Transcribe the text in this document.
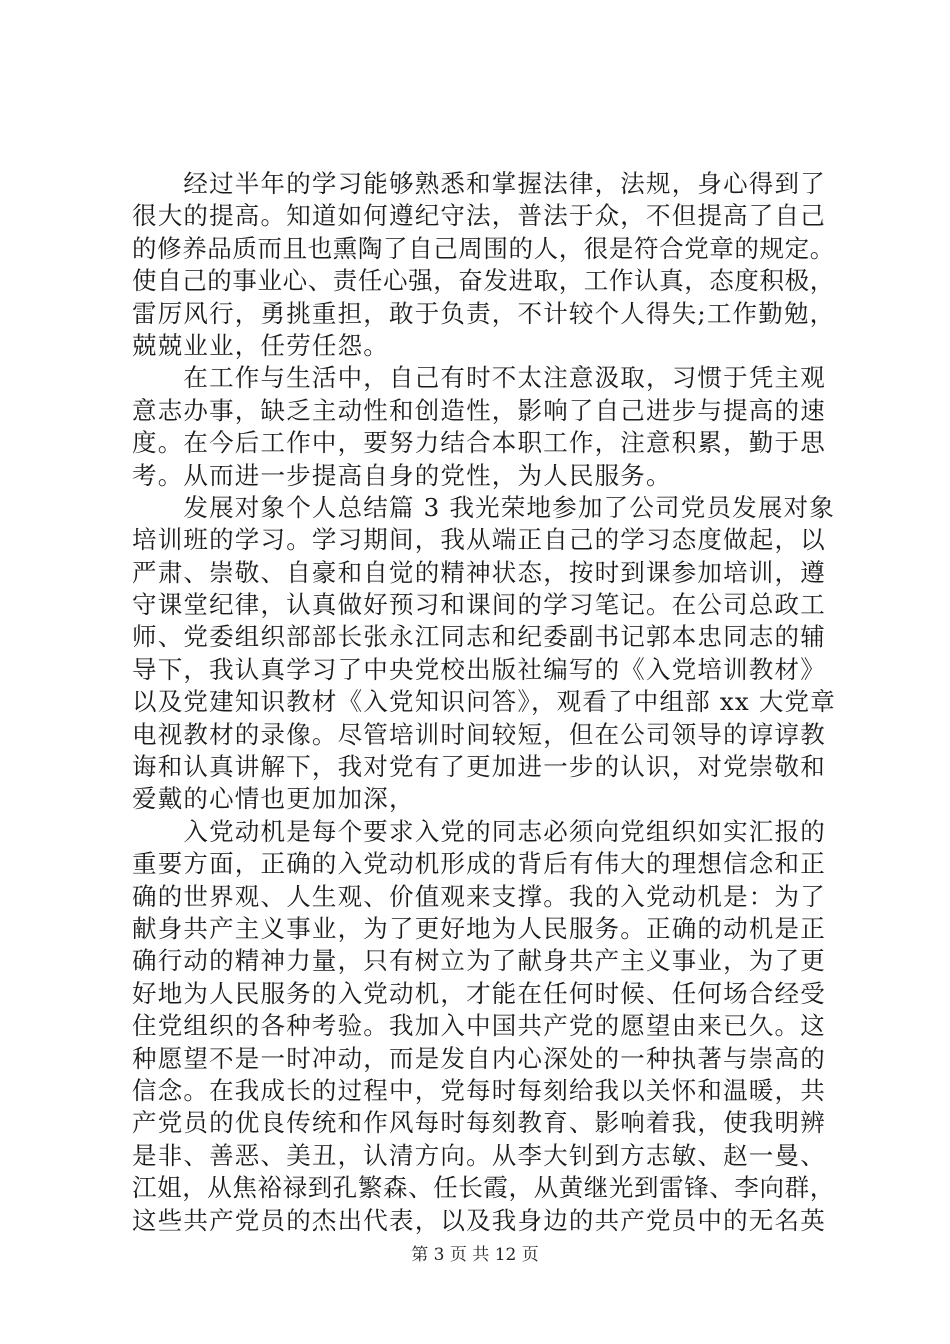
　　经过半年的学习能够熟悉和掌握法律，法规，身心得到了
很大的提高。知道如何遵纪守法，普法于众，不但提高了自己
的修养品质而且也熏陶了自己周围的人，很是符合党章的规定。
使自己的事业心、责任心强，奋发进取，工作认真，态度积极，
雷厉风行，勇挑重担，敢于负责，不计较个人得失;工作勤勉，
兢兢业业，任劳任怨。
　　在工作与生活中，自己有时不太注意汲取，习惯于凭主观
意志办事，缺乏主动性和创造性，影响了自己进步与提高的速
度。在今后工作中，要努力结合本职工作，注意积累，勤于思
考。从而进一步提高自身的党性，为人民服务。
　　发展对象个人总结篇 3 我光荣地参加了公司党员发展对象
培训班的学习。学习期间，我从端正自己的学习态度做起，以
严肃、崇敬、自豪和自觉的精神状态，按时到课参加培训，遵
守课堂纪律，认真做好预习和课间的学习笔记。在公司总政工
师、党委组织部部长张永江同志和纪委副书记郭本忠同志的辅
导下，我认真学习了中央党校出版社编写的《入党培训教材》
以及党建知识教材《入党知识问答》，观看了中组部 xx 大党章
电视教材的录像。尽管培训时间较短，但在公司领导的谆谆教
诲和认真讲解下，我对党有了更加进一步的认识，对党崇敬和
爱戴的心情也更加加深，
　　入党动机是每个要求入党的同志必须向党组织如实汇报的
重要方面，正确的入党动机形成的背后有伟大的理想信念和正
确的世界观、人生观、价值观来支撑。我的入党动机是：为了
献身共产主义事业，为了更好地为人民服务。正确的动机是正
确行动的精神力量，只有树立为了献身共产主义事业，为了更
好地为人民服务的入党动机，才能在任何时候、任何场合经受
住党组织的各种考验。我加入中国共产党的愿望由来已久。这
种愿望不是一时冲动，而是发自内心深处的一种执著与崇高的
信念。在我成长的过程中，党每时每刻给我以关怀和温暖，共
产党员的优良传统和作风每时每刻教育、影响着我，使我明辨
是非、善恶、美丑，认清方向。从李大钊到方志敏、赵一曼、
江姐，从焦裕禄到孔繁森、任长霞，从黄继光到雷锋、李向群，
这些共产党员的杰出代表，以及我身边的共产党员中的无名英
第 3 页 共 12 页
